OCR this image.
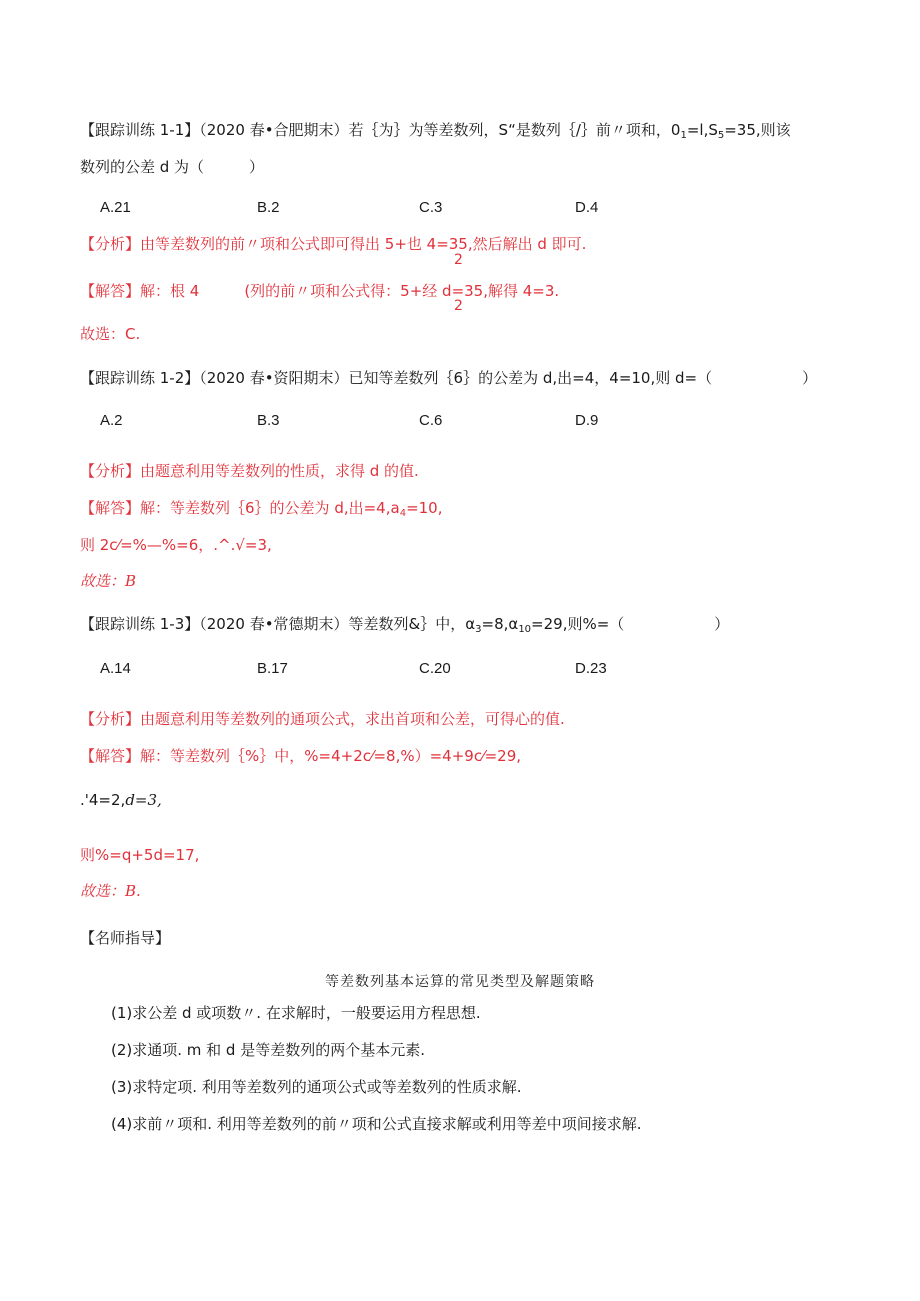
【跟踪训练 1-1】（2020 春•合肥期末）若｛为｝为等差数列，S“是数列｛/｝前〃项和，$0_1=l,S_5=35$,则该
数列的公差 d 为（　　　）
A.21	B.2	C.3	D.4
【分析】由等差数列的前〃项和公式即可得出 5+也 4=35,然后解出 d 即可.
2
【解答】解：根 4　　　(列的前〃项和公式得：5+经 d=35,解得 4=3.
2
故选：C.
【跟踪训练 1-2】（2020 春•资阳期末）已知等差数列｛6｝的公差为 d,出=4，4=10,则 d=（　　　　　　）
A.2	B.3	C.6	D.9
【分析】由题意利用等差数列的性质，求得 d 的值.
【解答】解：等差数列｛6｝的公差为 d,出$=4,a_4=10$,
则 2c⁄=%—%=6，.^.√=3,
故选：B
【跟踪训练 1-3】（2020 春•常德期末）等差数列&｝中，$\alpha_3=8,\alpha_{10}=29$,则%=（　　　　　　）
A.14	B.17	C.20	D.23
【分析】由题意利用等差数列的通项公式，求出首项和公差，可得心的值.
【解答】解：等差数列｛%｝中，%=4+2c⁄=8,%）=4+9c⁄=29,
.'4=2,d=3,
则%=q+5d=17,
故选：B.
【名师指导】
等差数列基本运算的常见类型及解题策略
(1)求公差 d 或项数〃. 在求解时，一般要运用方程思想.
(2)求通项. m 和 d 是等差数列的两个基本元素.
(3)求特定项. 利用等差数列的通项公式或等差数列的性质求解.
(4)求前〃项和. 利用等差数列的前〃项和公式直接求解或利用等差中项间接求解.
